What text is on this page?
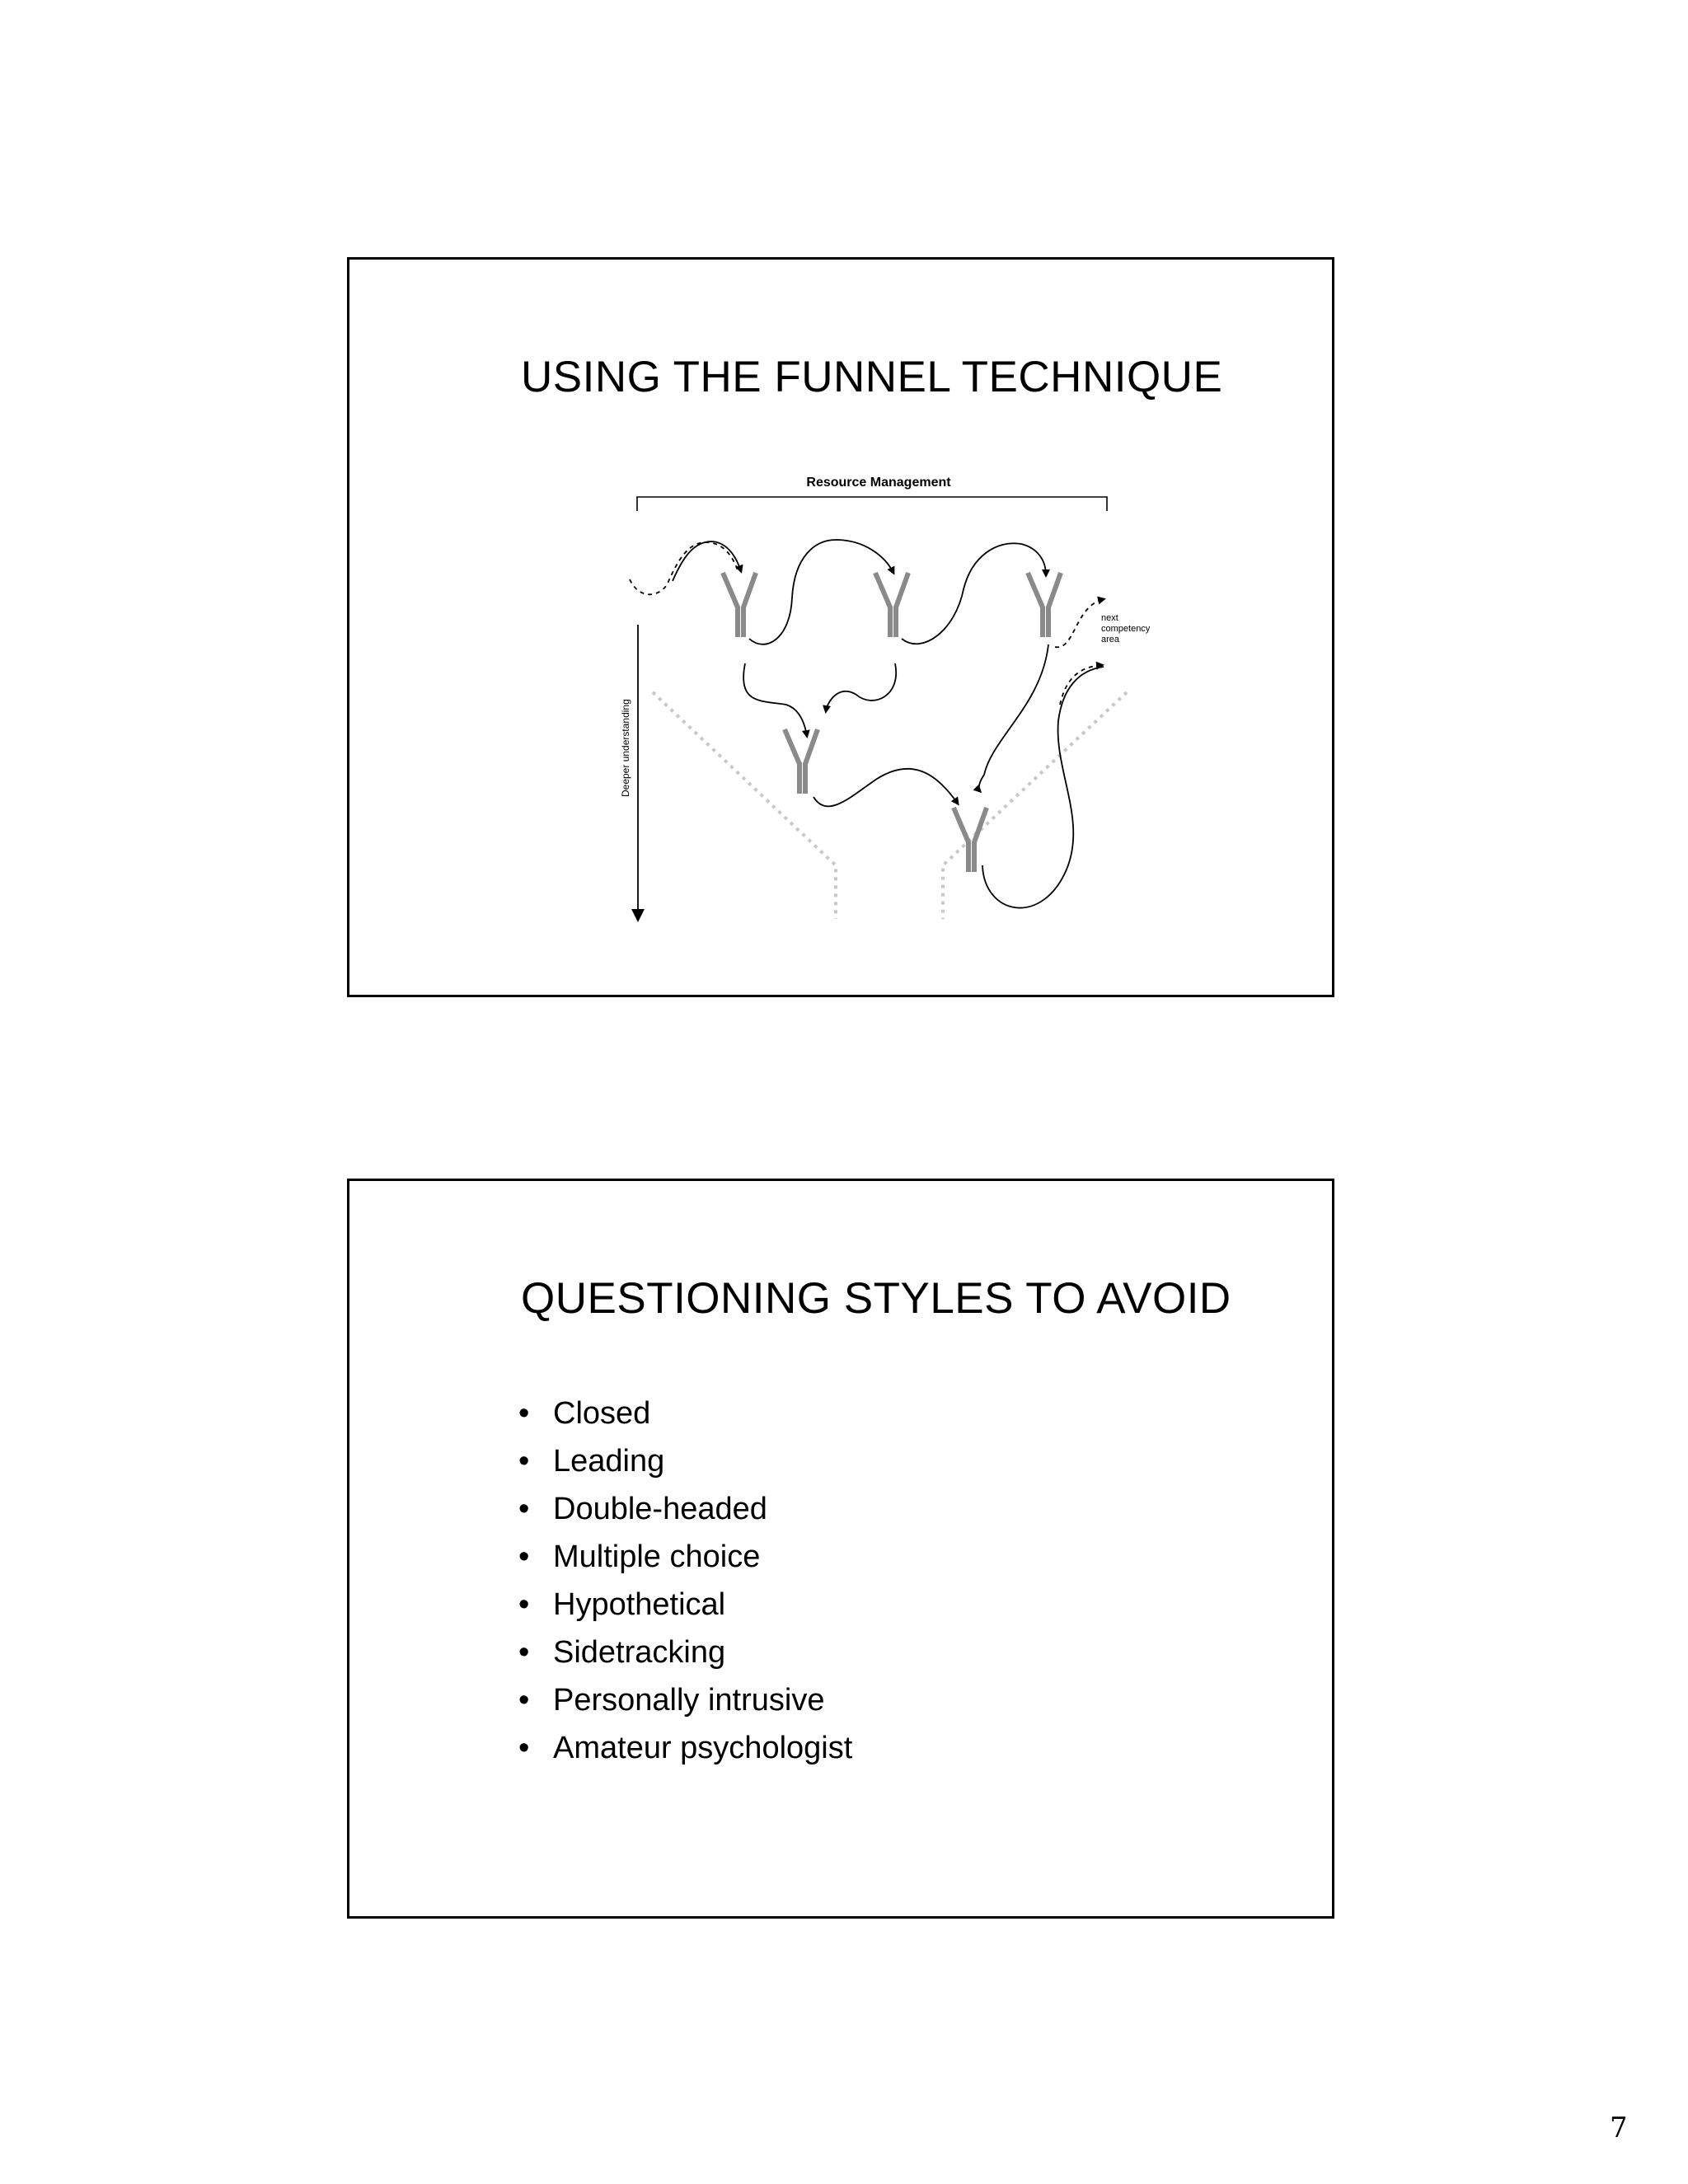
USING THE FUNNEL TECHNIQUE
Resource Management
Deeper understanding
next competency area
QUESTIONING STYLES TO AVOID
• Closed
• Leading
• Double-headed
• Multiple choice
• Hypothetical
• Sidetracking
• Personally intrusive
• Amateur psychologist
7
